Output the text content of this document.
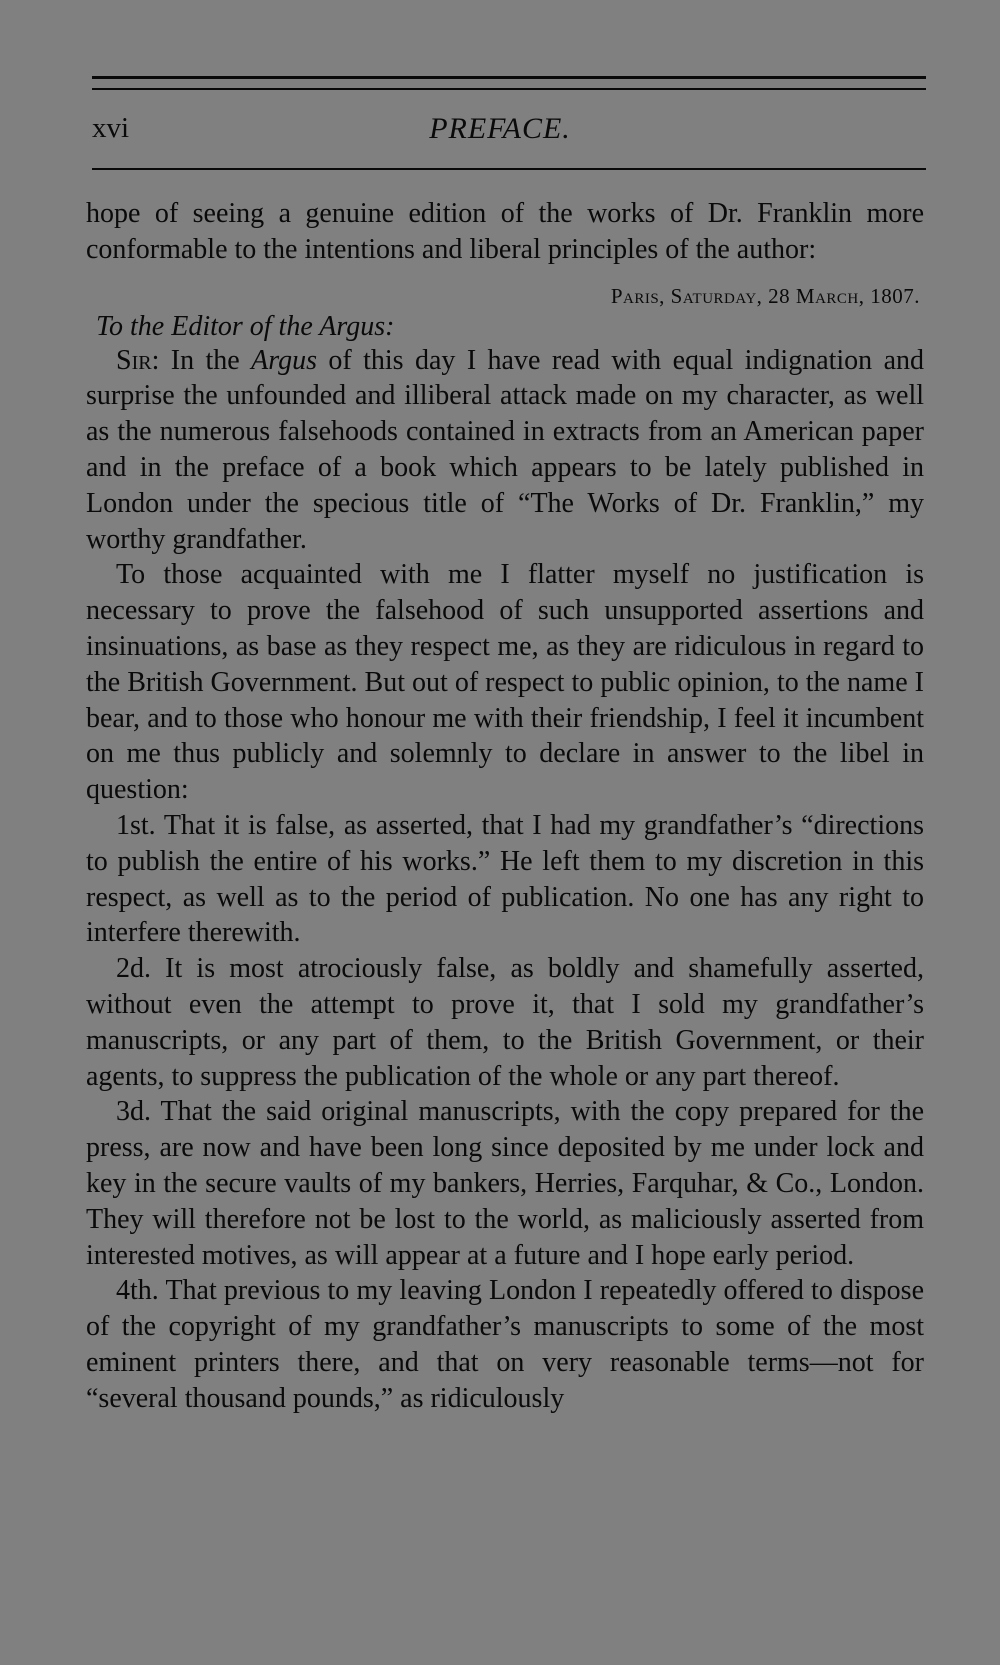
xvi	PREFACE.

hope of seeing a genuine edition of the works of Dr. Franklin more conformable to the intentions and liberal principles of the author:

Paris, Saturday, 28 March, 1807.
To the Editor of the Argus:

Sir: In the Argus of this day I have read with equal indignation and surprise the unfounded and illiberal attack made on my character, as well as the numerous falsehoods contained in extracts from an American paper and in the preface of a book which appears to be lately published in London under the specious title of “The Works of Dr. Franklin,” my worthy grandfather.

To those acquainted with me I flatter myself no justification is necessary to prove the falsehood of such unsupported assertions and insinuations, as base as they respect me, as they are ridiculous in regard to the British Government. But out of respect to public opinion, to the name I bear, and to those who honour me with their friendship, I feel it incumbent on me thus publicly and solemnly to declare in answer to the libel in question:

1st. That it is false, as asserted, that I had my grandfather’s “directions to publish the entire of his works.” He left them to my discretion in this respect, as well as to the period of publication. No one has any right to interfere therewith.

2d. It is most atrociously false, as boldly and shamefully asserted, without even the attempt to prove it, that I sold my grandfather’s manuscripts, or any part of them, to the British Government, or their agents, to suppress the publication of the whole or any part thereof.

3d. That the said original manuscripts, with the copy prepared for the press, are now and have been long since deposited by me under lock and key in the secure vaults of my bankers, Herries, Farquhar, & Co., London. They will therefore not be lost to the world, as maliciously asserted from interested motives, as will appear at a future and I hope early period.

4th. That previous to my leaving London I repeatedly offered to dispose of the copyright of my grandfather’s manuscripts to some of the most eminent printers there, and that on very reasonable terms—not for “several thousand pounds,” as ridiculously
